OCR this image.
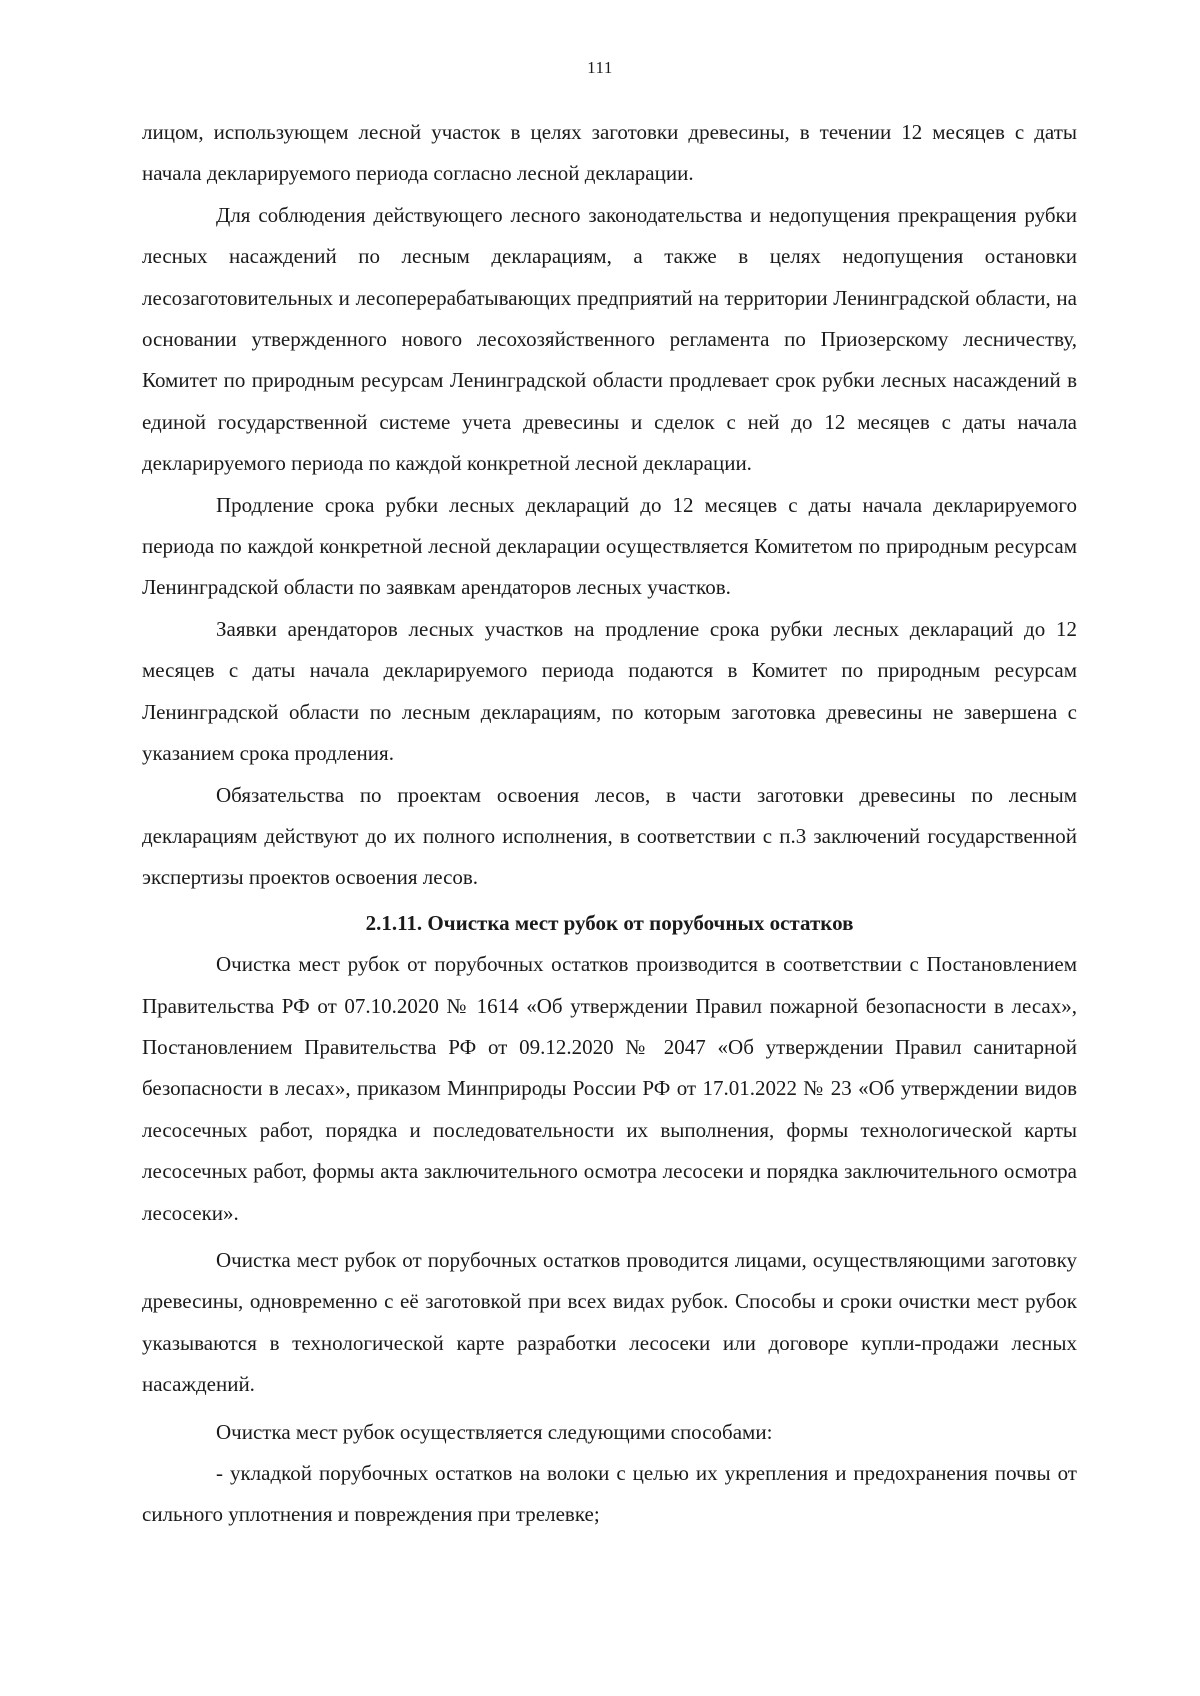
111

лицом, использующем лесной участок в целях заготовки древесины, в течении 12 месяцев с даты начала декларируемого периода согласно лесной декларации.

Для соблюдения действующего лесного законодательства и недопущения прекращения рубки лесных насаждений по лесным декларациям, а также в целях недопущения остановки лесозаготовительных и лесоперерабатывающих предприятий на территории Ленинградской области, на основании утвержденного нового лесохозяйственного регламента по Приозерскому лесничеству, Комитет по природным ресурсам Ленинградской области продлевает срок рубки лесных насаждений в единой государственной системе учета древесины и сделок с ней до 12 месяцев с даты начала декларируемого периода по каждой конкретной лесной декларации.

Продление срока рубки лесных деклараций до 12 месяцев с даты начала декларируемого периода по каждой конкретной лесной декларации осуществляется Комитетом по природным ресурсам Ленинградской области по заявкам арендаторов лесных участков.

Заявки арендаторов лесных участков на продление срока рубки лесных деклараций до 12 месяцев с даты начала декларируемого периода подаются в Комитет по природным ресурсам Ленинградской области по лесным декларациям, по которым заготовка древесины не завершена с указанием срока продления.

Обязательства по проектам освоения лесов, в части заготовки древесины по лесным декларациям действуют до их полного исполнения, в соответствии с п.3 заключений государственной экспертизы проектов освоения лесов.

2.1.11. Очистка мест рубок от порубочных остатков

Очистка мест рубок от порубочных остатков производится в соответствии с Постановлением Правительства РФ от 07.10.2020 № 1614 «Об утверждении Правил пожарной безопасности в лесах», Постановлением Правительства РФ от 09.12.2020 № 2047 «Об утверждении Правил санитарной безопасности в лесах», приказом Минприроды России РФ от 17.01.2022 № 23 «Об утверждении видов лесосечных работ, порядка и последовательности их выполнения, формы технологической карты лесосечных работ, формы акта заключительного осмотра лесосеки и порядка заключительного осмотра лесосеки».

Очистка мест рубок от порубочных остатков проводится лицами, осуществляющими заготовку древесины, одновременно с её заготовкой при всех видах рубок. Способы и сроки очистки мест рубок указываются в технологической карте разработки лесосеки или договоре купли-продажи лесных насаждений.

Очистка мест рубок осуществляется следующими способами:

- укладкой порубочных остатков на волоки с целью их укрепления и предохранения почвы от сильного уплотнения и повреждения при трелевке;
